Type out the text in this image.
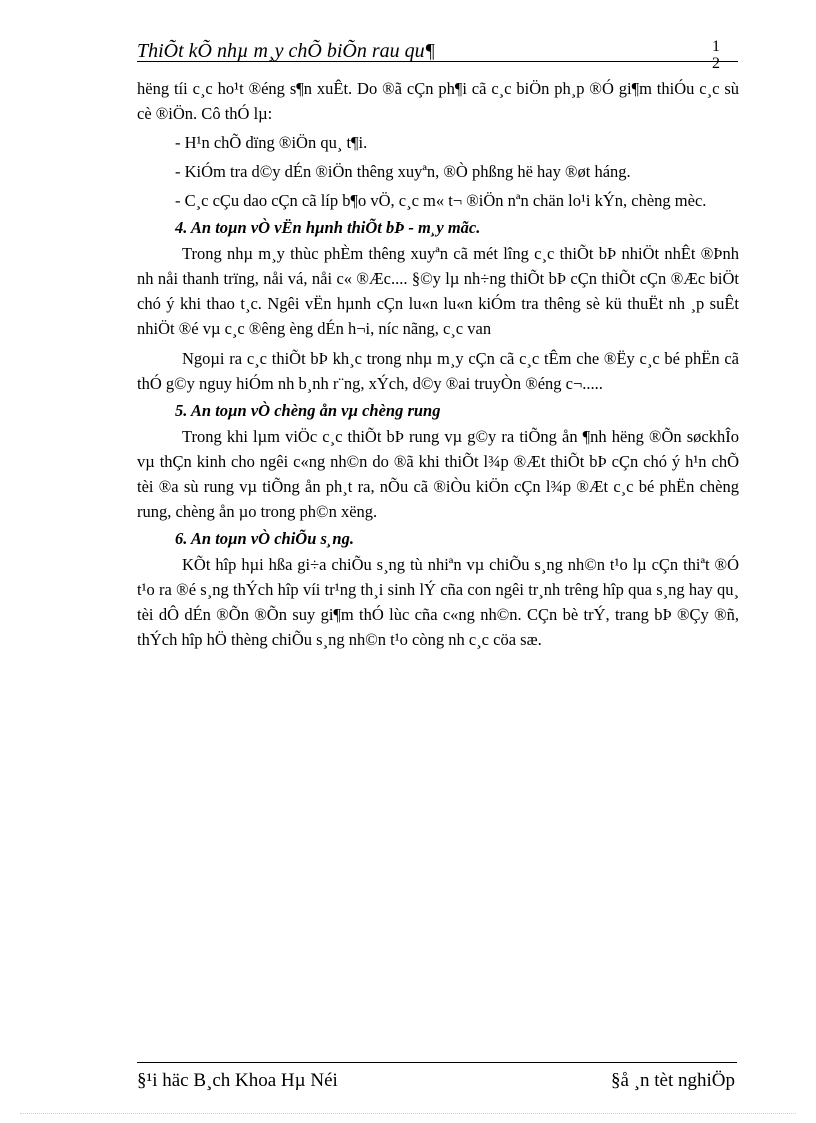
ThiÕt kÕ nhµ m¸y chÕ biÕn rau qu¶	1
2

hëng tíi c¸c ho¹t ®éng s¶n xuÊt. Do ®ã cÇn ph¶i cã c¸c biÖn ph¸p ®Ó gi¶m thiÓu c¸c sù cè ®iÖn. Cô thÓ lµ:

- H¹n chÕ dïng ®iÖn qu¸ t¶i.

- KiÓm tra d©y dÉn ®iÖn thêng xuyªn, ®Ò phßng hë hay ®øt háng.

- C¸c cÇu dao cÇn cã líp b¶o vÖ, c¸c m« t¬ ®iÖn nªn chän lo¹i kÝn, chèng mèc.

4. An toµn vÒ vËn hµnh thiÕt bÞ - m¸y mãc.

Trong nhµ m¸y thùc phÈm thêng xuyªn cã mét lîng c¸c thiÕt bÞ nhiÖt nhÊt ®Þnh nh nåi thanh trïng, nåi vá, nåi c« ®Æc.... §©y lµ nh÷ng thiÕt bÞ cÇn thiÕt cÇn ®Æc biÖt chó ý khi thao t¸c. Ngêi vËn hµnh cÇn lu«n lu«n kiÓm tra thêng sè kü thuËt nh ¸p suÊt nhiÖt ®é vµ c¸c ®êng èng dÉn h¬i, níc nãng, c¸c van

Ngoµi ra c¸c thiÕt bÞ kh¸c trong nhµ m¸y cÇn cã c¸c tÊm che ®Ëy c¸c bé phËn cã thÓ g©y nguy hiÓm nh b¸nh r¨ng, xÝch, d©y ®ai truyÒn ®éng c¬.....

5. An toµn vÒ chèng ån vµ chèng rung

Trong khi lµm viÖc c¸c thiÕt bÞ rung vµ g©y ra tiÕng ån ¶nh hëng ®Õn søckhÎo vµ thÇn kinh cho ngêi c«ng nh©n do ®ã khi thiÕt l¾p ®Æt thiÕt bÞ cÇn chó ý h¹n chÕ tèi ®a sù rung vµ tiÕng ån ph¸t ra, nÕu cã ®iÒu kiÖn cÇn l¾p ®Æt c¸c bé phËn chèng rung, chèng ån µo trong ph©n xëng.

6. An toµn vÒ chiÕu s¸ng.

KÕt hîp hµi hßa gi÷a chiÕu s¸ng tù nhiªn vµ chiÕu s¸ng nh©n t¹o lµ cÇn thiªt ®Ó t¹o ra ®é s¸ng thÝch hîp víi tr¹ng th¸i sinh lÝ cña con ngêi tr¸nh trêng hîp qua s¸ng hay qu¸ tèi dÔ dÉn ®Õn ®Õn suy gi¶m thÓ lùc cña c«ng nh©n. CÇn bè trÝ, trang bÞ ®Çy ®ñ, thÝch hîp hÖ thèng chiÕu s¸ng nh©n t¹o còng nh c¸c cöa sæ.

§¹i häc B¸ch Khoa Hµ Néi	§å ¸n tèt nghiÖp
